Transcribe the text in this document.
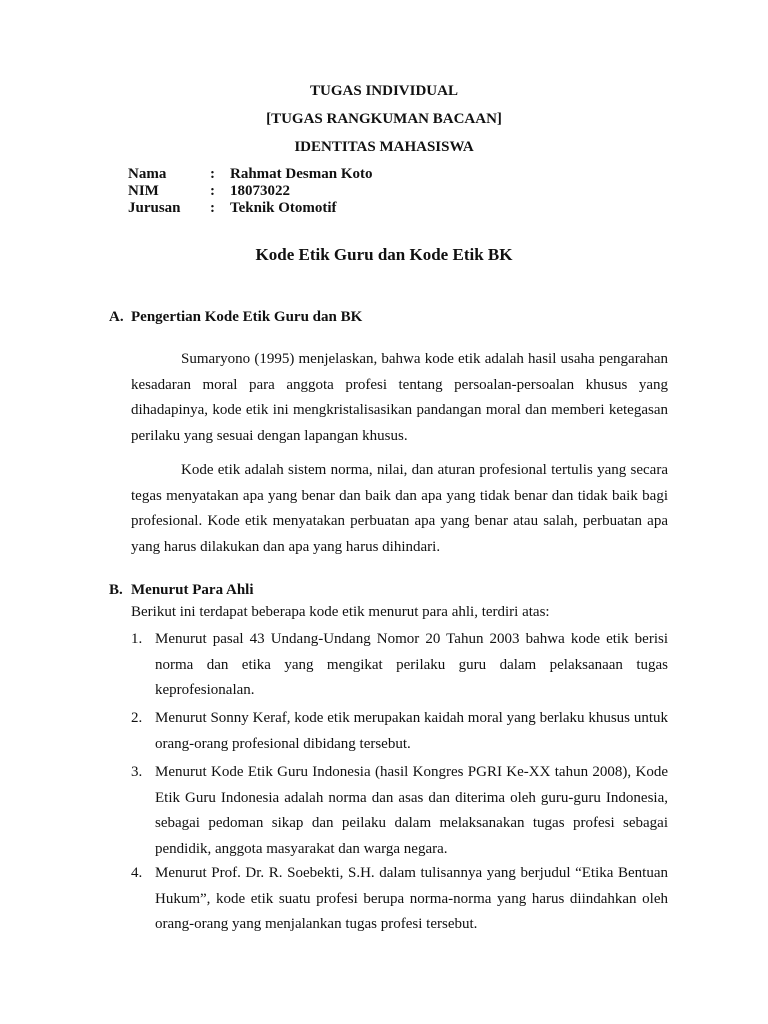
TUGAS INDIVIDUAL
[TUGAS RANGKUMAN BACAAN]
IDENTITAS MAHASISWA
Nama	: Rahmat Desman Koto
NIM	: 18073022
Jurusan : Teknik Otomotif
Kode Etik Guru dan Kode Etik BK
A. Pengertian Kode Etik Guru dan BK

Sumaryono (1995) menjelaskan, bahwa kode etik adalah hasil usaha pengarahan kesadaran moral para anggota profesi tentang persoalan-persoalan khusus yang dihadapinya, kode etik ini mengkristalisasikan pandangan moral dan memberi ketegasan perilaku yang sesuai dengan lapangan khusus.

Kode etik adalah sistem norma, nilai, dan aturan profesional tertulis yang secara tegas menyatakan apa yang benar dan baik dan apa yang tidak benar dan tidak baik bagi profesional. Kode etik menyatakan perbuatan apa yang benar atau salah, perbuatan apa yang harus dilakukan dan apa yang harus dihindari.

B. Menurut Para Ahli
Berikut ini terdapat beberapa kode etik menurut para ahli, terdiri atas:
1. Menurut pasal 43 Undang-Undang Nomor 20 Tahun 2003 bahwa kode etik berisi norma dan etika yang mengikat perilaku guru dalam pelaksanaan tugas keprofesionalan.

2. Menurut Sonny Keraf, kode etik merupakan kaidah moral yang berlaku khusus untuk orang-orang profesional dibidang tersebut.

3. Menurut Kode Etik Guru Indonesia (hasil Kongres PGRI Ke-XX tahun 2008), Kode Etik Guru Indonesia adalah norma dan asas dan diterima oleh guru-guru Indonesia, sebagai pedoman sikap dan peilaku dalam melaksanakan tugas profesi sebagai pendidik, anggota masyarakat dan warga negara.

4. Menurut Prof. Dr. R. Soebekti, S.H. dalam tulisannya yang berjudul “Etika Bentuan Hukum”, kode etik suatu profesi berupa norma-norma yang harus diindahkan oleh orang-orang yang menjalankan tugas profesi tersebut.
